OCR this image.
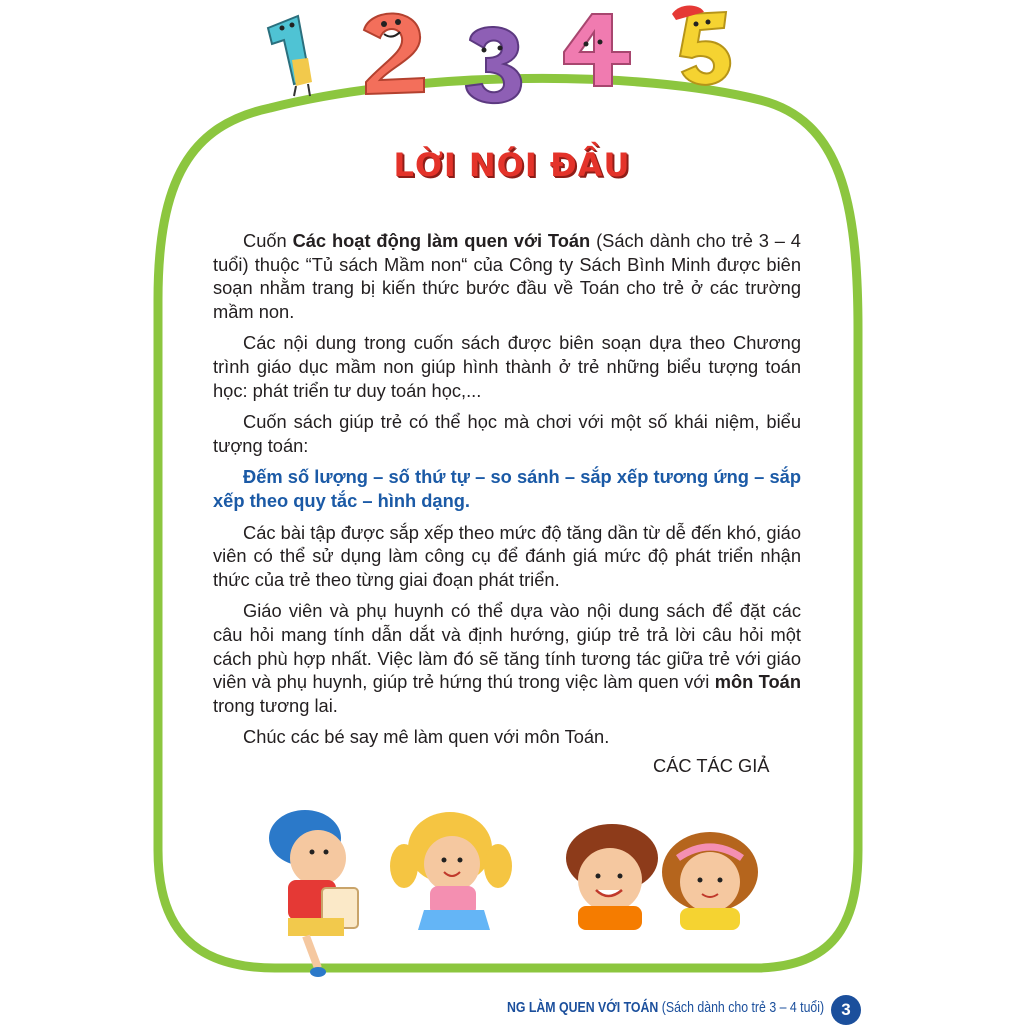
LỜI NÓI ĐẦU

Cuốn Các hoạt động làm quen với Toán (Sách dành cho trẻ 3 – 4 tuổi) thuộc “Tủ sách Mầm non“ của Công ty Sách Bình Minh được biên soạn nhằm trang bị kiến thức bước đầu về Toán cho trẻ ở các trường mầm non.

Các nội dung trong cuốn sách được biên soạn dựa theo Chương trình giáo dục mầm non giúp hình thành ở trẻ những biểu tượng toán học: phát triển tư duy toán học,...

Cuốn sách giúp trẻ có thể học mà chơi với một số khái niệm, biểu tượng toán:

Đếm số lượng – số thứ tự – so sánh – sắp xếp tương ứng – sắp xếp theo quy tắc – hình dạng.

Các bài tập được sắp xếp theo mức độ tăng dần từ dễ đến khó, giáo viên có thể sử dụng làm công cụ để đánh giá mức độ phát triển nhận thức của trẻ theo từng giai đoạn phát triển.

Giáo viên và phụ huynh có thể dựa vào nội dung sách để đặt các câu hỏi mang tính dẫn dắt và định hướng, giúp trẻ trả lời câu hỏi một cách phù hợp nhất. Việc làm đó sẽ tăng tính tương tác giữa trẻ với giáo viên và phụ huynh, giúp trẻ hứng thú trong việc làm quen với môn Toán trong tương lai.

Chúc các bé say mê làm quen với môn Toán.

CÁC TÁC GIẢ
NG LÀM QUEN VỚI TOÁN (Sách dành cho trẻ 3 – 4 tuổi)	3
